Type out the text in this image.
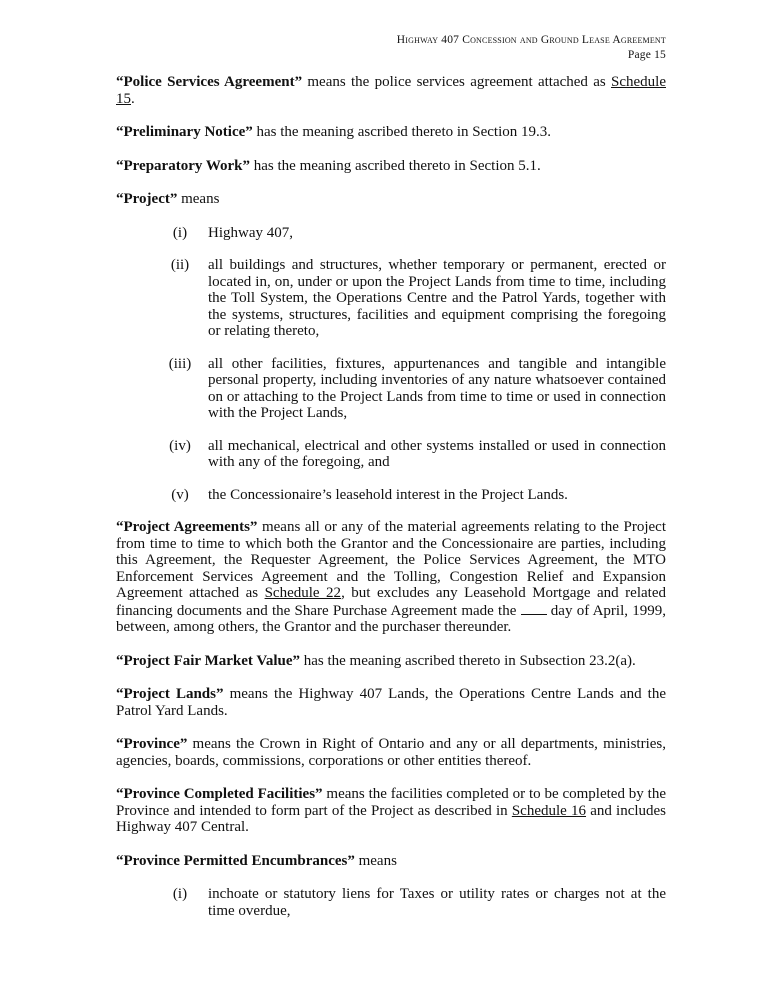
Highway 407 Concession and Ground Lease Agreement
Page 15

“Police Services Agreement” means the police services agreement attached as Schedule 15.

“Preliminary Notice” has the meaning ascribed thereto in Section 19.3.

“Preparatory Work” has the meaning ascribed thereto in Section 5.1.

“Project” means

(i)	Highway 407,
(ii)	all buildings and structures, whether temporary or permanent, erected or located in, on, under or upon the Project Lands from time to time, including the Toll System, the Operations Centre and the Patrol Yards, together with the systems, structures, facilities and equipment comprising the foregoing or relating thereto,
(iii) all other facilities, fixtures, appurtenances and tangible and intangible personal property, including inventories of any nature whatsoever contained on or attaching to the Project Lands from time to time or used in connection with the Project Lands,
(iv) all mechanical, electrical and other systems installed or used in connection with any of the foregoing, and
(v)	the Concessionaire’s leasehold interest in the Project Lands.

“Project Agreements” means all or any of the material agreements relating to the Project from time to time to which both the Grantor and the Concessionaire are parties, including this Agreement, the Requester Agreement, the Police Services Agreement, the MTO Enforcement Services Agreement and the Tolling, Congestion Relief and Expansion Agreement attached as Schedule 22, but excludes any Leasehold Mortgage and related financing documents and the Share Purchase Agreement made the  day of April, 1999, between, among others, the Grantor and the purchaser thereunder.

“Project Fair Market Value” has the meaning ascribed thereto in Subsection 23.2(a).

“Project Lands” means the Highway 407 Lands, the Operations Centre Lands and the Patrol Yard Lands.

“Province” means the Crown in Right of Ontario and any or all departments, ministries, agencies, boards, commissions, corporations or other entities thereof.

“Province Completed Facilities” means the facilities completed or to be completed by the Province and intended to form part of the Project as described in Schedule 16 and includes Highway 407 Central.

“Province Permitted Encumbrances” means

(i)	inchoate or statutory liens for Taxes or utility rates or charges not at the time overdue,
